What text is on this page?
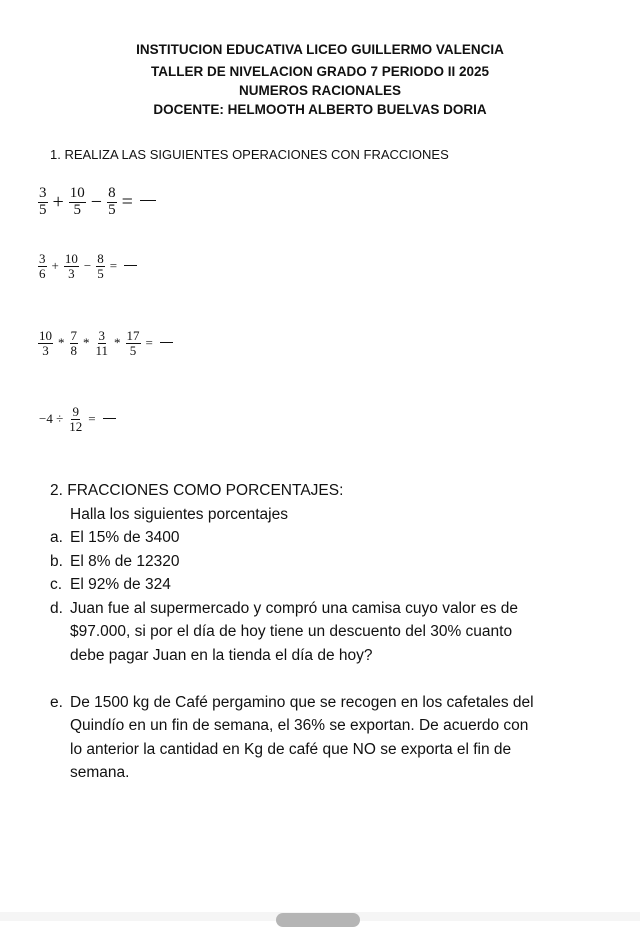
INSTITUCION EDUCATIVA LICEO GUILLERMO VALENCIA
TALLER DE NIVELACION GRADO 7 PERIODO II 2025
NUMEROS RACIONALES
DOCENTE: HELMOOTH ALBERTO BUELVAS DORIA
1. REALIZA LAS SIGUIENTES OPERACIONES CON FRACCIONES
$\frac{3}{5} + \frac{10}{5} - \frac{8}{5}$ =
$\frac{3}{6} + \frac{10}{3} - \frac{8}{5}$ =
$\frac{10}{3} * \frac{7}{8} * \frac{3}{11} * \frac{17}{5}$ =
$-4 \div \frac{9}{12}$ =
2. FRACCIONES COMO PORCENTAJES:
Halla los siguientes porcentajes
a. El 15% de 3400
b. El 8% de 12320
c. El 92% de 324
d. Juan fue al supermercado y compró una camisa cuyo valor es de
$97.000, si por el día de hoy tiene un descuento del 30% cuanto
debe pagar Juan en la tienda el día de hoy?
e. De 1500 kg de Café pergamino que se recogen en los cafetales del
Quindío en un fin de semana, el 36% se exportan. De acuerdo con
lo anterior la cantidad en Kg de café que NO se exporta el fin de
semana.
